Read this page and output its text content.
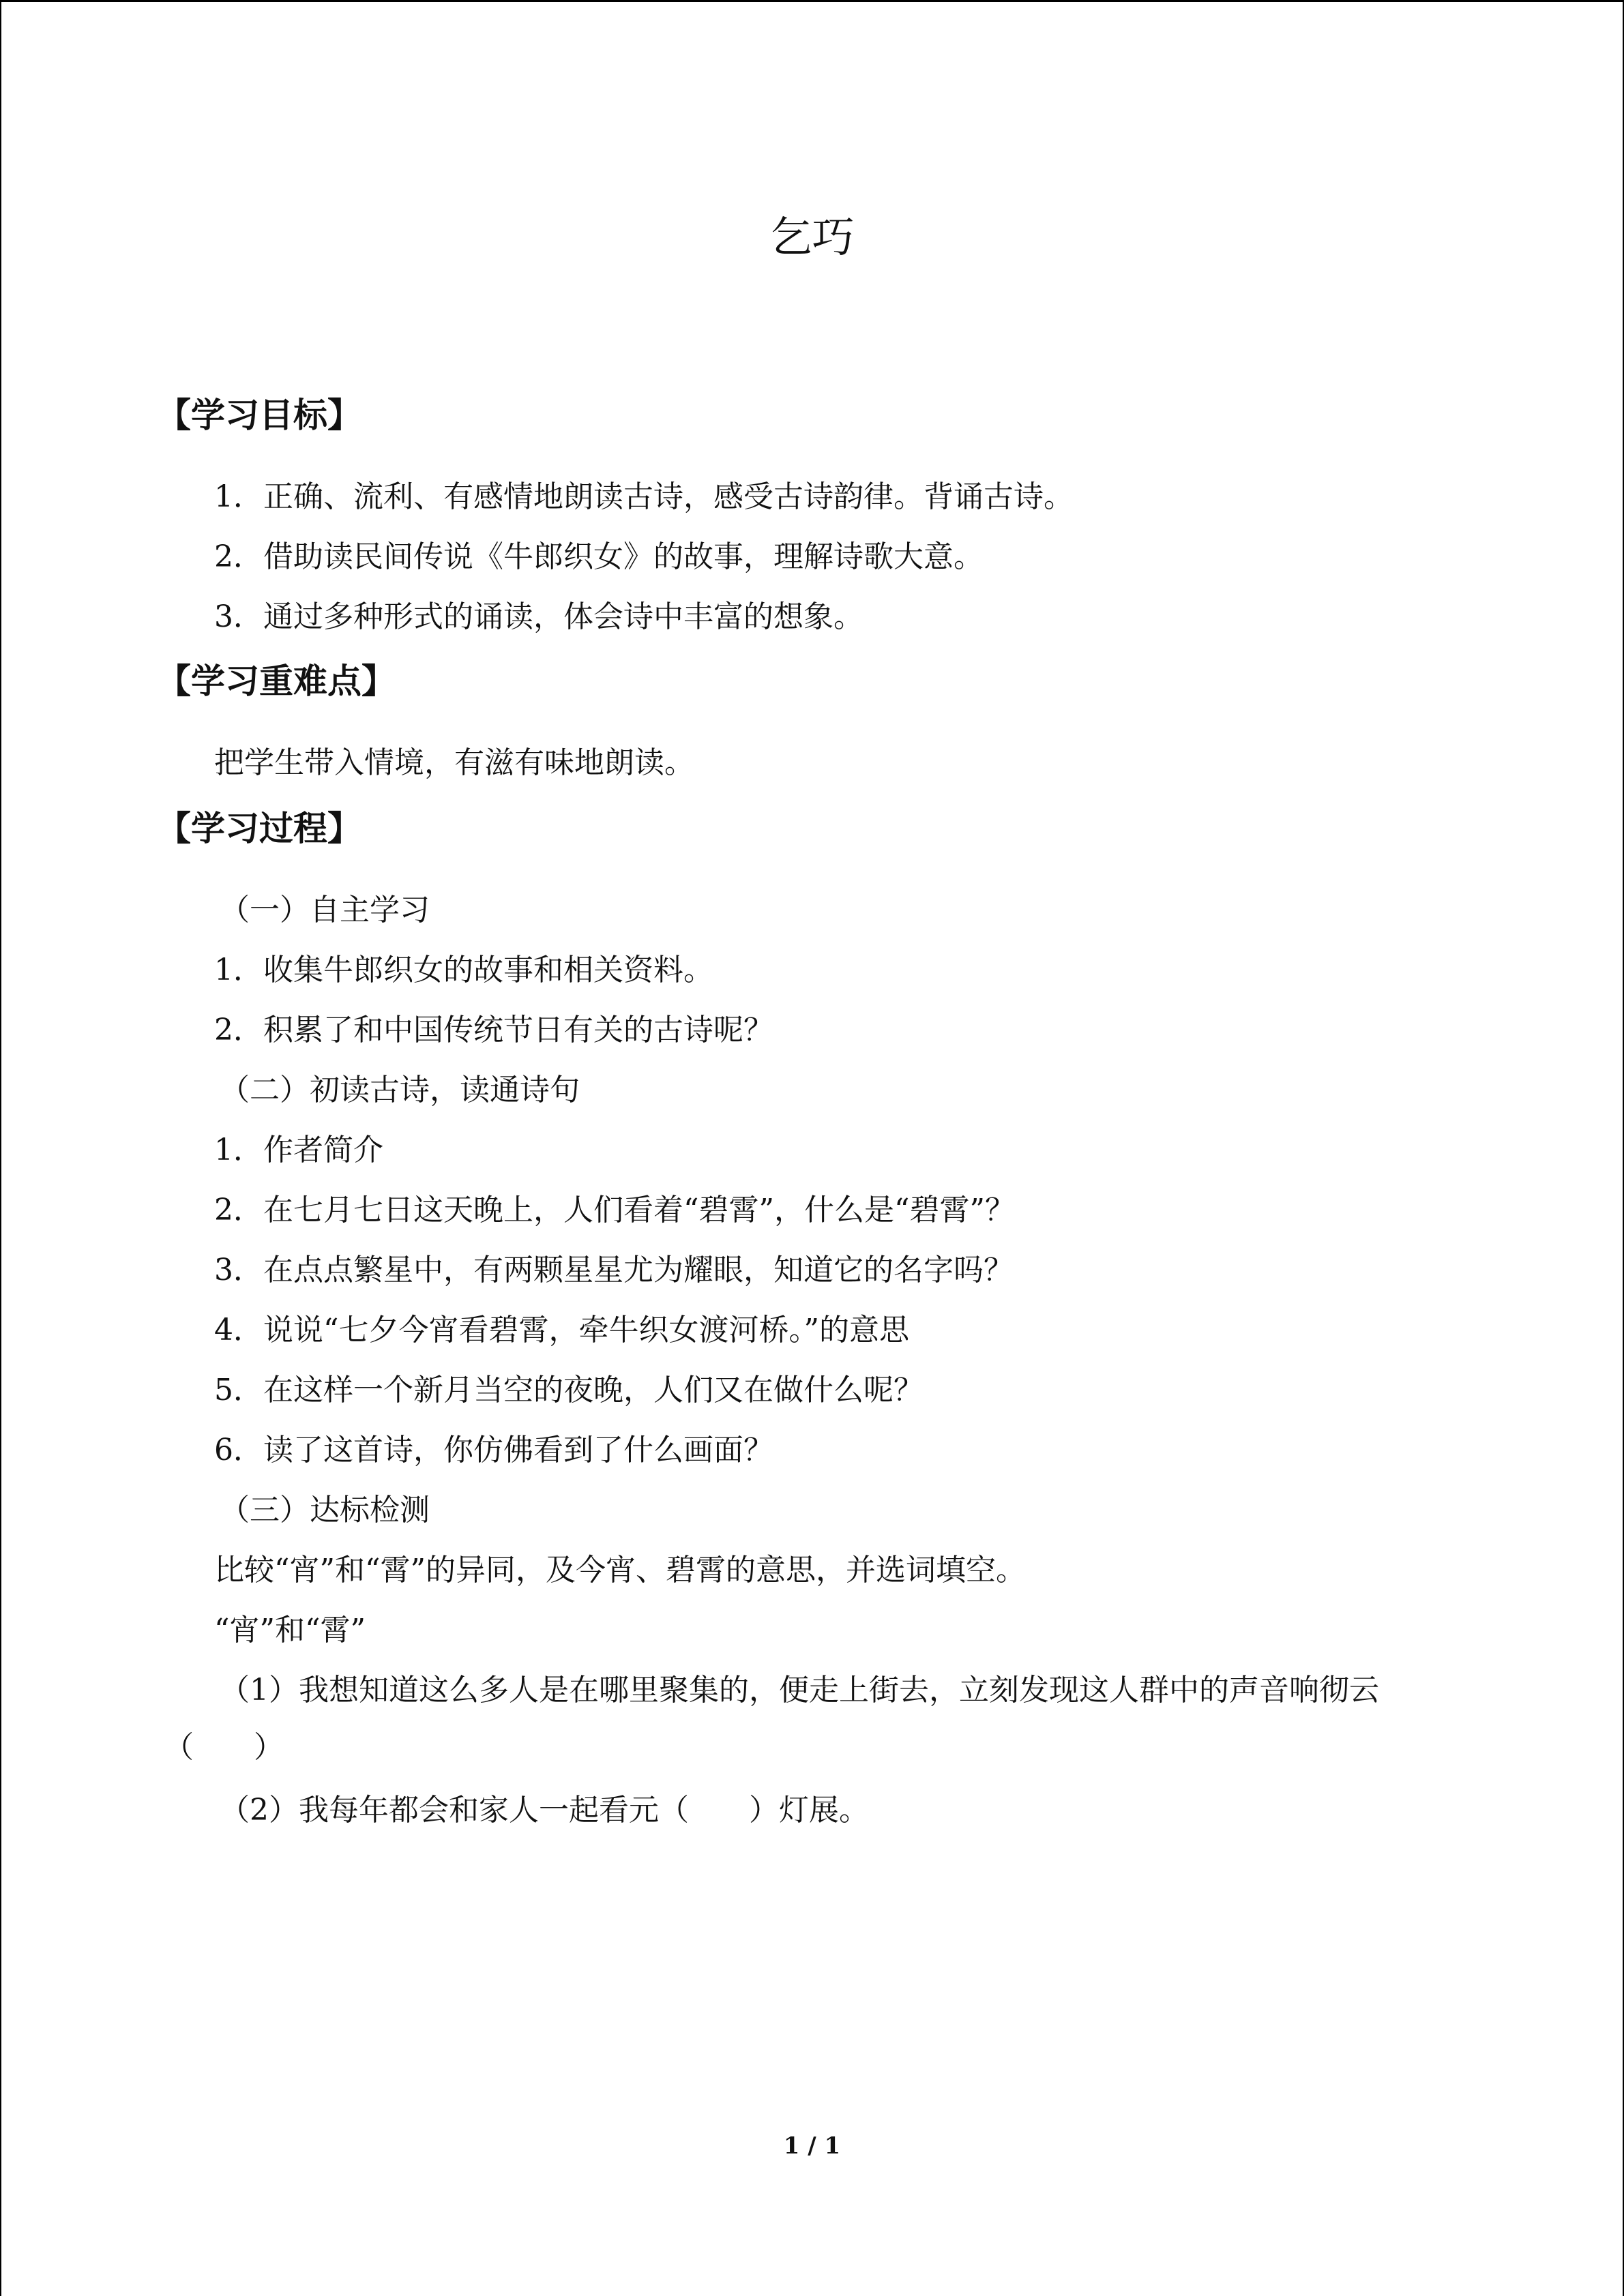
乞巧
【学习目标】
1．正确、流利、有感情地朗读古诗，感受古诗韵律。背诵古诗。
2．借助读民间传说《牛郎织女》的故事，理解诗歌大意。
3．通过多种形式的诵读，体会诗中丰富的想象。
【学习重难点】
把学生带入情境，有滋有味地朗读。
【学习过程】
（一）自主学习
1．收集牛郎织女的故事和相关资料。
2．积累了和中国传统节日有关的古诗呢？
（二）初读古诗，读通诗句
1．作者简介
2．在七月七日这天晚上，人们看着“碧霄”，什么是“碧霄”？
3．在点点繁星中，有两颗星星尤为耀眼，知道它的名字吗？
4．说说“七夕今宵看碧霄，牵牛织女渡河桥。”的意思
5．在这样一个新月当空的夜晚，人们又在做什么呢？
6．读了这首诗，你仿佛看到了什么画面？
（三）达标检测
比较“宵”和“霄”的异同，及今宵、碧霄的意思，并选词填空。
“宵”和“霄”
（1）我想知道这么多人是在哪里聚集的，便走上街去，立刻发现这人群中的声音响彻云
（　　）
（2）我每年都会和家人一起看元（　　）灯展。
1 / 1
